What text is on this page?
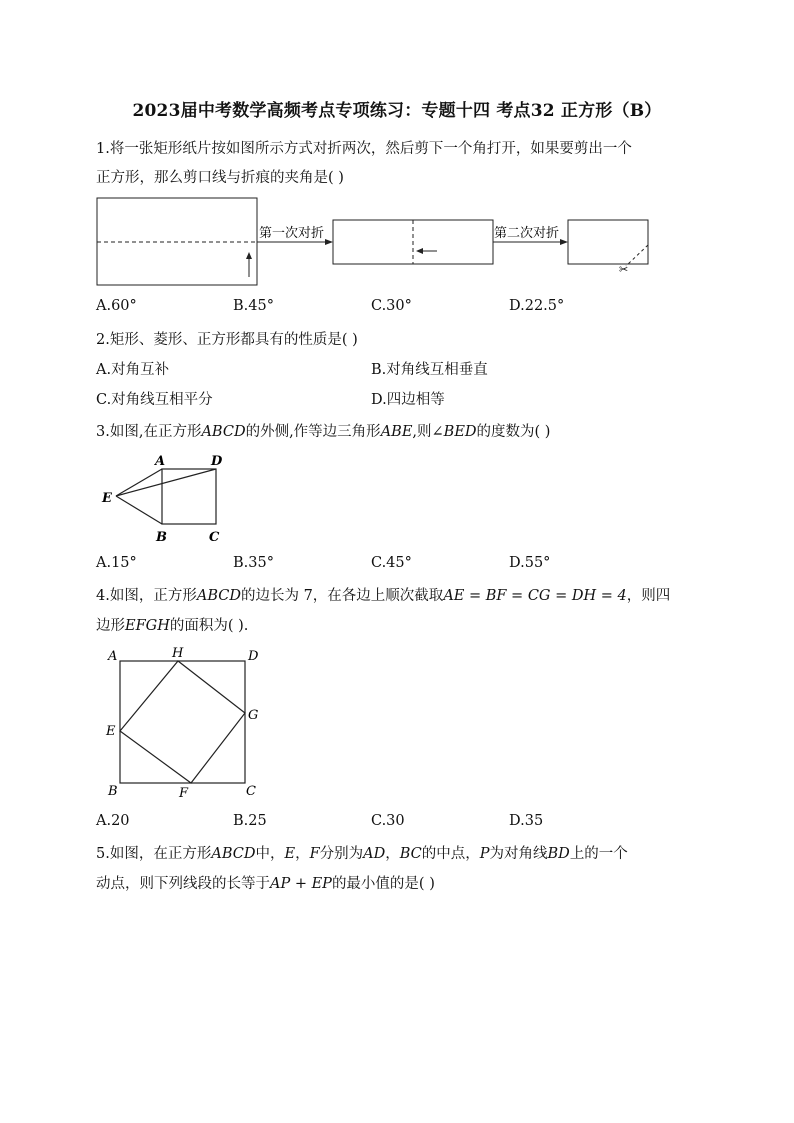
2023届中考数学高频考点专项练习：专题十四 考点32 正方形（B）
1.将一张矩形纸片按如图所示方式对折两次，然后剪下一个角打开，如果要剪出一个
正方形，那么剪口线与折痕的夹角是( )
第一次对折	第二次对折
✂
A.60°	B.45°	C.30°	D.22.5°
2.矩形、菱形、正方形都具有的性质是( )
A.对角互补	B.对角线互相垂直
C.对角线互相平分	D.四边相等
3.如图,在正方形ABCD的外侧,作等边三角形ABE,则∠BED的度数为( )
A	D
E
B	C
A.15°	B.35°	C.45°	D.55°
4.如图，正方形ABCD的边长为 7，在各边上顺次截取AE = BF = CG = DH = 4，则四
边形EFGH的面积为( ).
A	H	D
G
E
B	F	C
A.20	B.25	C.30	D.35
5.如图，在正方形ABCD中，E，F分别为AD，BC的中点，P为对角线BD上的一个
动点，则下列线段的长等于AP + EP的最小值的是( )
